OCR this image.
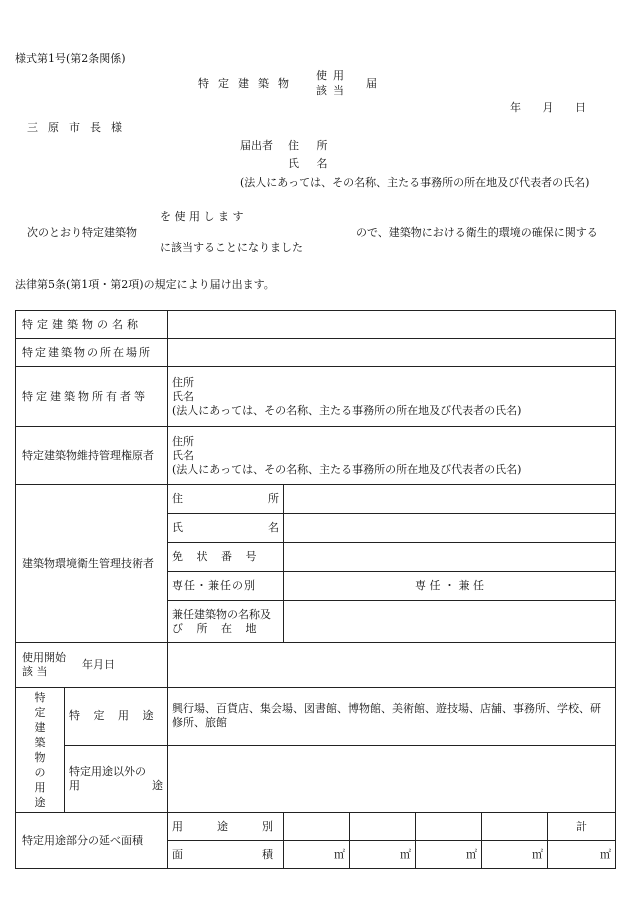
様式第1号(第2条関係)
特定建築物
使用
該当
届
年 月 日
三原市長様
届出者 住 所
氏 名
(法人にあっては、その名称、主たる事務所の所在地及び代表者の氏名)
を 使 用 し ま す
次のとおり特定建築物	ので、建築物における衛生的環境の確保に関する
に該当することになりました
法律第5条(第1項・第2項)の規定により届け出ます。
特定建築物の名称							
特定建築物の所在場所							
特定建築物所有者等		住所
氏名
(法人にあっては、その名称、主たる事務所の所在地及び代表者の氏名)					

特定建築物維持管理権原者		住所
氏名
(法人にあっては、その名称、主たる事務所の所在地及び代表者の氏名)					

建築物環境衛生管理技術者		住 所					

		氏 名					

		免 状 番 号					
		専任・兼任の別	専 任 ・ 兼 任				

		兼任建築物の名称及
び 所 在 地					

使用開始
該 当
年月日							

特定建築物の用途	特 定 用 途	興行場、百貨店、集会場、図書館、博物館、美術館、遊技場、店舗、事務所、学校、研修所、旅館					

	特定用途以外の
用 途						

特定用途部分の延べ面積		用 途 別					計

		面 積	㎡	㎡	㎡	㎡	㎡
